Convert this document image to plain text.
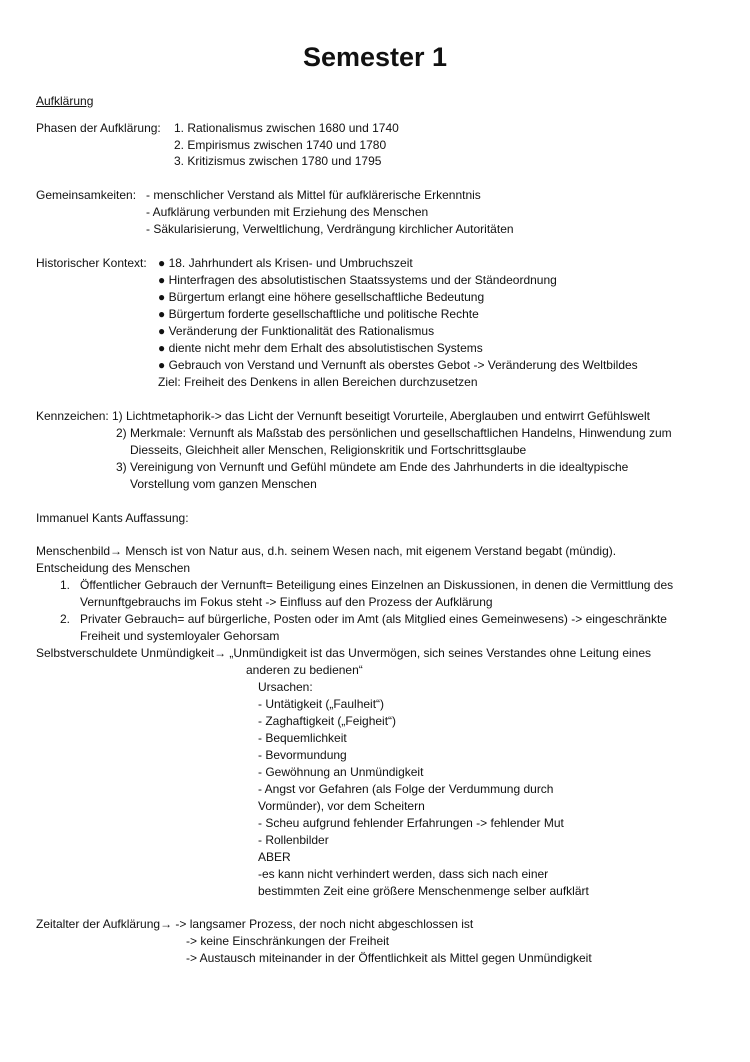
Semester 1
Aufklärung
Phasen der Aufklärung: 1. Rationalismus zwischen 1680 und 1740
2. Empirismus zwischen 1740 und 1780
3. Kritizismus zwischen 1780 und 1795
Gemeinsamkeiten: - menschlicher Verstand als Mittel für aufklärerische Erkenntnis
- Aufklärung verbunden mit Erziehung des Menschen
- Säkularisierung, Verweltlichung, Verdrängung kirchlicher Autoritäten
Historischer Kontext: ● 18. Jahrhundert als Krisen- und Umbruchszeit
● Hinterfragen des absolutistischen Staatssystems und der Ständeordnung
● Bürgertum erlangt eine höhere gesellschaftliche Bedeutung
● Bürgertum forderte gesellschaftliche und politische Rechte
● Veränderung der Funktionalität des Rationalismus
● diente nicht mehr dem Erhalt des absolutistischen Systems
● Gebrauch von Verstand und Vernunft als oberstes Gebot -> Veränderung des Weltbildes
Ziel: Freiheit des Denkens in allen Bereichen durchzusetzen
Kennzeichen: 1) Lichtmetaphorik-> das Licht der Vernunft beseitigt Vorurteile, Aberglauben und entwirrt Gefühlswelt
2) Merkmale: Vernunft als Maßstab des persönlichen und gesellschaftlichen Handelns, Hinwendung zum
Diesseits, Gleichheit aller Menschen, Religionskritik und Fortschrittsglaube
3) Vereinigung von Vernunft und Gefühl mündete am Ende des Jahrhunderts in die idealtypische
Vorstellung vom ganzen Menschen
Immanuel Kants Auffassung:
Menschenbild→ Mensch ist von Natur aus, d.h. seinem Wesen nach, mit eigenem Verstand begabt (mündig).
Entscheidung des Menschen
1. Öffentlicher Gebrauch der Vernunft= Beteiligung eines Einzelnen an Diskussionen, in denen die Vermittlung des
Vernunftgebrauchs im Fokus steht -> Einfluss auf den Prozess der Aufklärung
2. Privater Gebrauch= auf bürgerliche, Posten oder im Amt (als Mitglied eines Gemeinwesens) -> eingeschränkte
Freiheit und systemloyaler Gehorsam
Selbstverschuldete Unmündigkeit→ „Unmündigkeit ist das Unvermögen, sich seines Verstandes ohne Leitung eines
anderen zu bedienen“
Ursachen:
- Untätigkeit („Faulheit“)
- Zaghaftigkeit („Feigheit“)
- Bequemlichkeit
- Bevormundung
- Gewöhnung an Unmündigkeit
- Angst vor Gefahren (als Folge der Verdummung durch
Vormünder), vor dem Scheitern
- Scheu aufgrund fehlender Erfahrungen -> fehlender Mut
- Rollenbilder
ABER
-es kann nicht verhindert werden, dass sich nach einer
bestimmten Zeit eine größere Menschenmenge selber aufklärt
Zeitalter der Aufklärung→ -> langsamer Prozess, der noch nicht abgeschlossen ist
-> keine Einschränkungen der Freiheit
-> Austausch miteinander in der Öffentlichkeit als Mittel gegen Unmündigkeit
